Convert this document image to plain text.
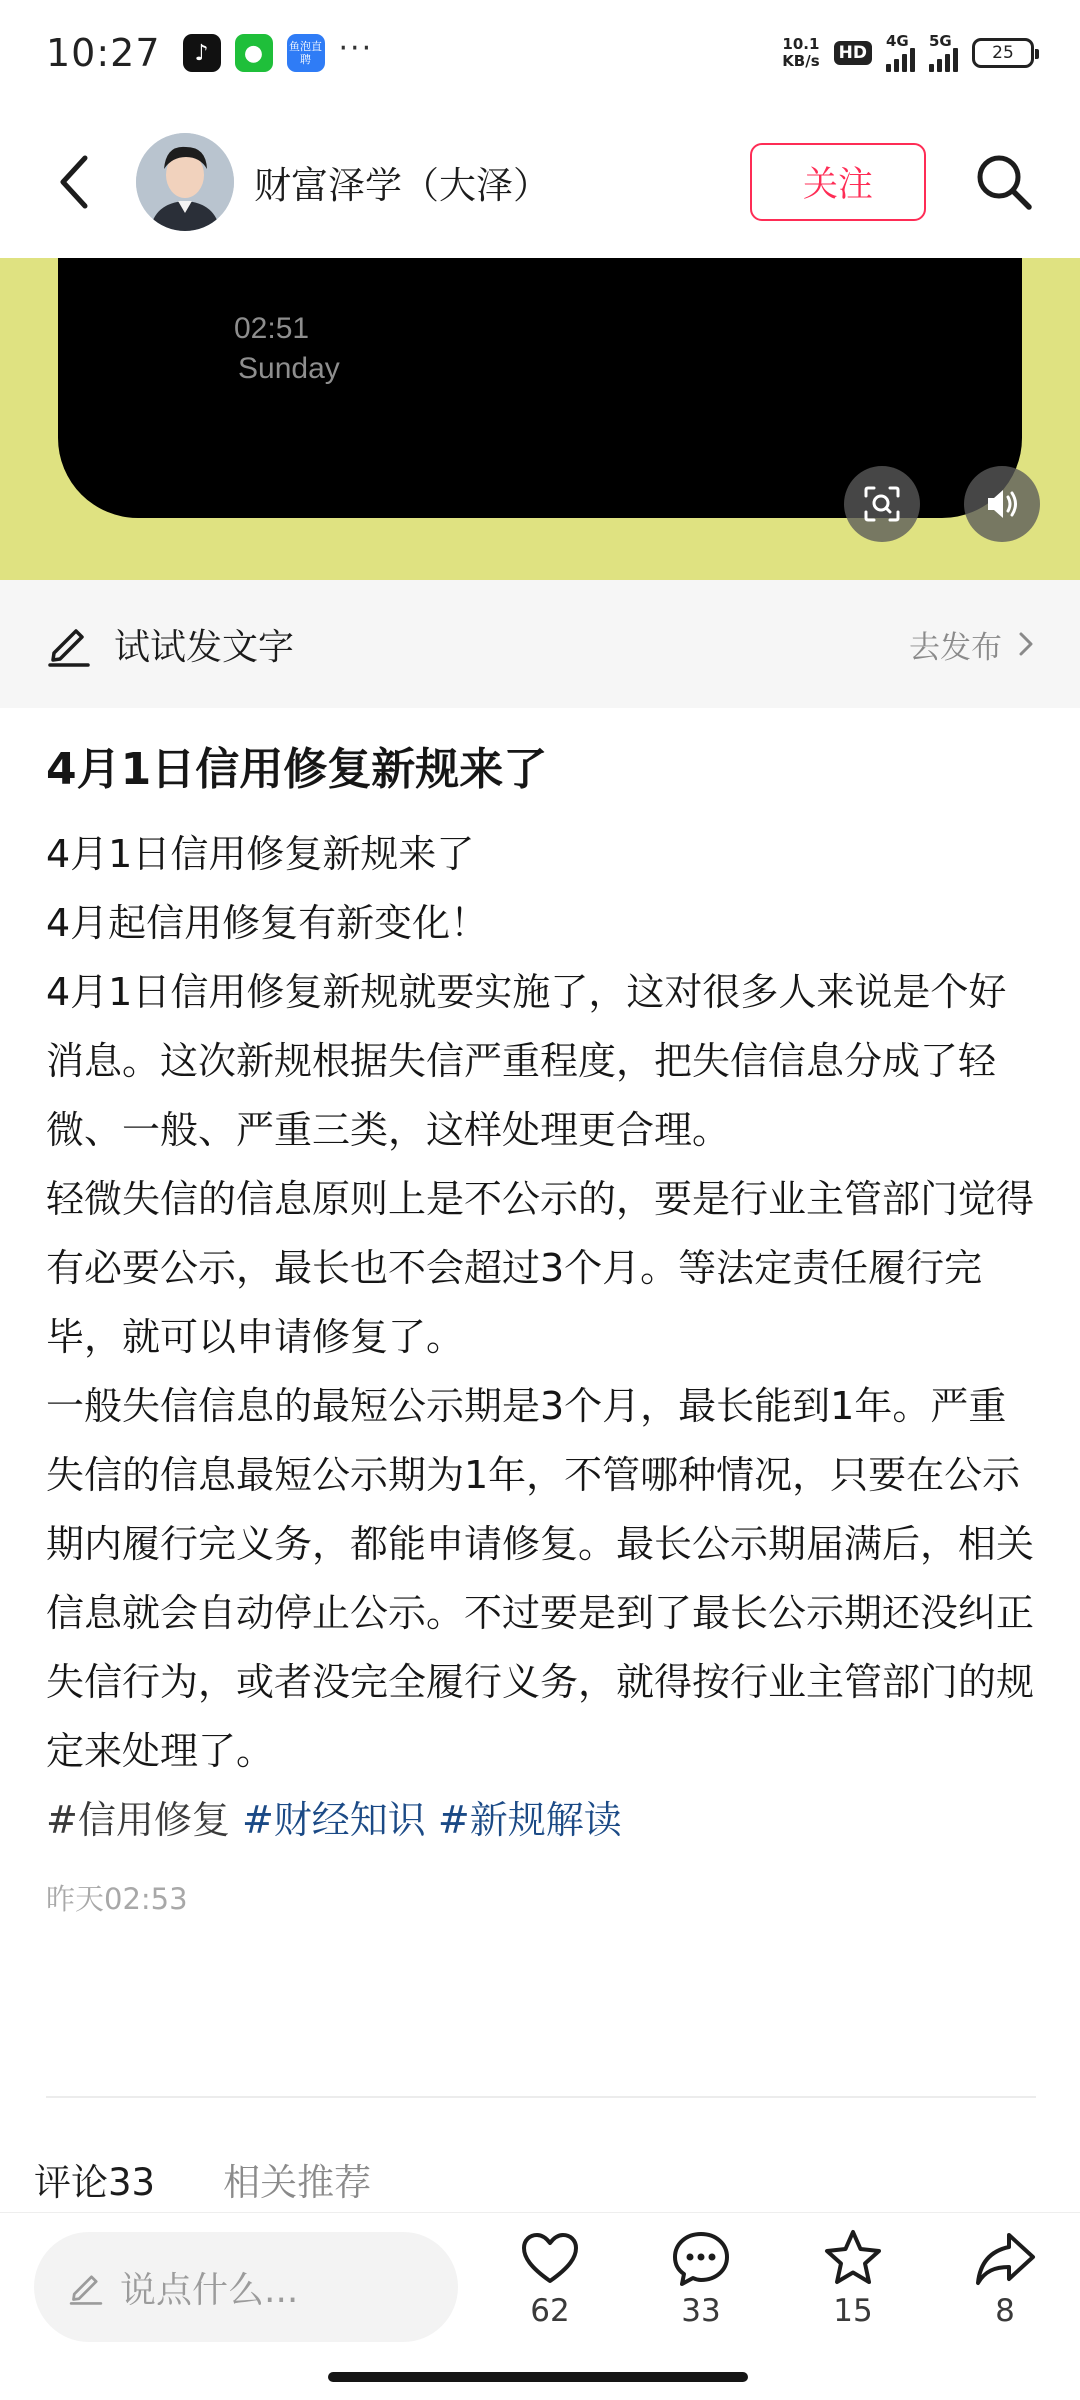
10:27	♪	●	鱼泡直聘 ···	10.1
KB/s HD
4G 5G
25
财富泽学（大泽）	关注
02:51
Sunday
试试发文字	去发布
4月1日信用修复新规来了

4月1日信用修复新规来了

4月起信用修复有新变化！

4月1日信用修复新规就要实施了，这对很多人来说是个好消息。这次新规根据失信严重程度，把失信信息分成了轻微、一般、严重三类，这样处理更合理。

轻微失信的信息原则上是不公示的，要是行业主管部门觉得有必要公示，最长也不会超过3个月。等法定责任履行完毕，就可以申请修复了。

一般失信信息的最短公示期是3个月，最长能到1年。严重失信的信息最短公示期为1年，不管哪种情况，只要在公示期内履行完义务，都能申请修复。最长公示期届满后，相关信息就会自动停止公示。不过要是到了最长公示期还没纠正失信行为，或者没完全履行义务，就得按行业主管部门的规定来处理了。

#信用修复 #财经知识 #新规解读
昨天02:53
评论33 相关推荐
说点什么...
62	33	15	8
